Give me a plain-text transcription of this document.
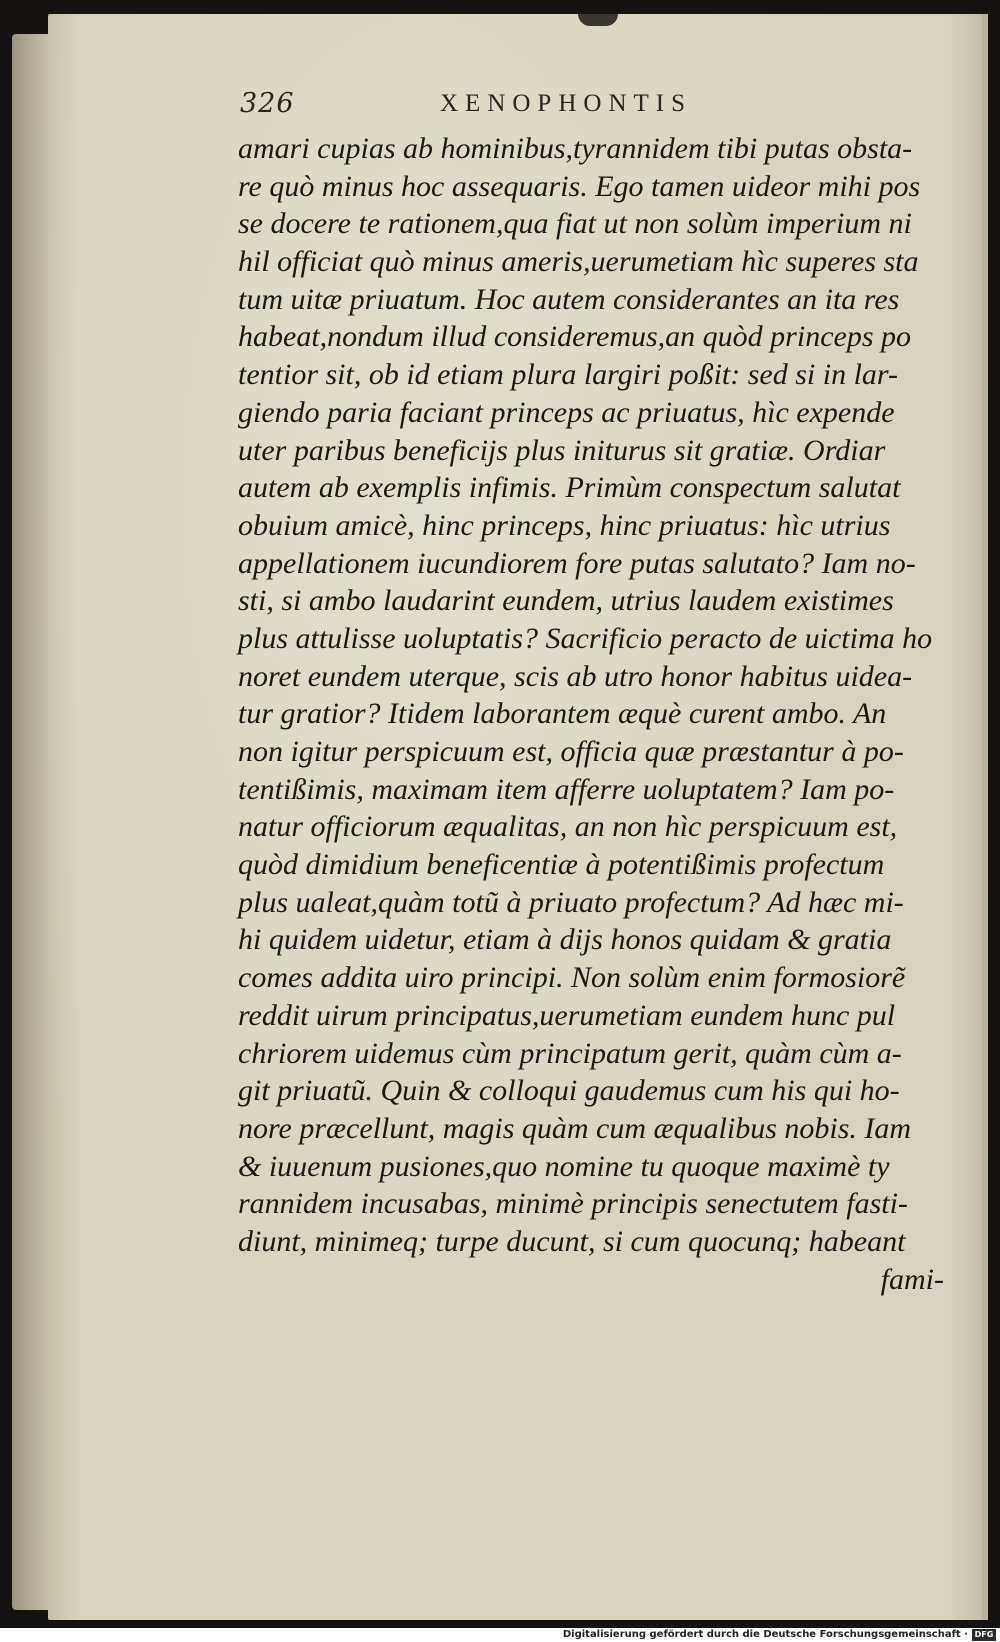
326	XENOPHONTIS
amari cupias ab hominibus,tyrannidem tibi putas obsta-
re quò minus hoc assequaris. Ego tamen uideor mihi pos
se docere te rationem,qua fiat ut non solùm imperium ni
hil officiat quò minus ameris,uerumetiam hìc superes sta
tum uitæ priuatum. Hoc autem considerantes an ita res
habeat,nondum illud consideremus,an quòd princeps po
tentior sit, ob id etiam plura largiri poßit: sed si in lar-
giendo paria faciant princeps ac priuatus, hìc expende
uter paribus beneficijs plus initurus sit gratiæ. Ordiar
autem ab exemplis infimis. Primùm conspectum salutat
obuium amicè, hinc princeps, hinc priuatus: hìc utrius
appellationem iucundiorem fore putas salutato? Iam no-
sti, si ambo laudarint eundem, utrius laudem existimes
plus attulisse uoluptatis? Sacrificio peracto de uictima ho
noret eundem uterque, scis ab utro honor habitus uidea-
tur gratior? Itidem laborantem æquè curent ambo. An
non igitur perspicuum est, officia quæ præstantur à po-
tentißimis, maximam item afferre uoluptatem? Iam po-
natur officiorum æqualitas, an non hìc perspicuum est,
quòd dimidium beneficentiæ à potentißimis profectum
plus ualeat,quàm totũ à priuato profectum? Ad hæc mi-
hi quidem uidetur, etiam à dijs honos quidam & gratia
comes addita uiro principi. Non solùm enim formosiorẽ
reddit uirum principatus,uerumetiam eundem hunc pul
chriorem uidemus cùm principatum gerit, quàm cùm a-
git priuatũ. Quin & colloqui gaudemus cum his qui ho-
nore præcellunt, magis quàm cum æqualibus nobis. Iam
& iuuenum pusiones,quo nomine tu quoque maximè ty
rannidem incusabas, minimè principis senectutem fasti-
diunt, minimeq; turpe ducunt, si cum quocunq; habeant
fami-
Digitalisierung gefördert durch die Deutsche Forschungsgemeinschaft · DFG
